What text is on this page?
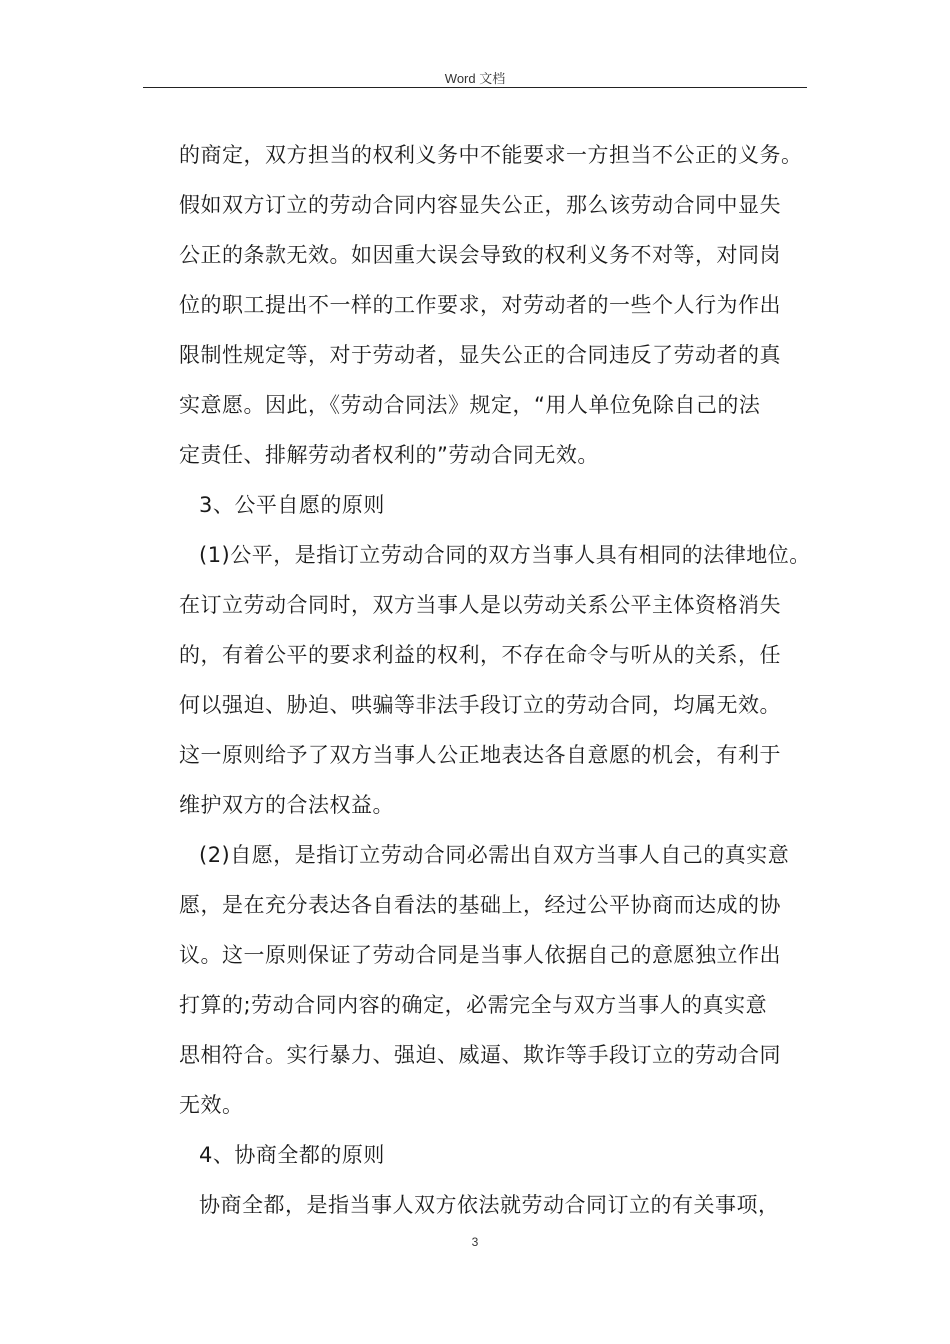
Word 文档
的商定，双方担当的权利义务中不能要求一方担当不公正的义务。
假如双方订立的劳动合同内容显失公正，那么该劳动合同中显失
公正的条款无效。如因重大误会导致的权利义务不对等，对同岗
位的职工提出不一样的工作要求，对劳动者的一些个人行为作出
限制性规定等，对于劳动者，显失公正的合同违反了劳动者的真
实意愿。因此，《劳动合同法》规定，“用人单位免除自己的法
定责任、排解劳动者权利的”劳动合同无效。
3、公平自愿的原则
(1)公平，是指订立劳动合同的双方当事人具有相同的法律地位。
在订立劳动合同时，双方当事人是以劳动关系公平主体资格消失
的，有着公平的要求利益的权利，不存在命令与听从的关系，任
何以强迫、胁迫、哄骗等非法手段订立的劳动合同，均属无效。
这一原则给予了双方当事人公正地表达各自意愿的机会，有利于
维护双方的合法权益。
(2)自愿，是指订立劳动合同必需出自双方当事人自己的真实意
愿，是在充分表达各自看法的基础上，经过公平协商而达成的协
议。这一原则保证了劳动合同是当事人依据自己的意愿独立作出
打算的;劳动合同内容的确定，必需完全与双方当事人的真实意
思相符合。实行暴力、强迫、威逼、欺诈等手段订立的劳动合同
无效。
4、协商全都的原则
协商全都，是指当事人双方依法就劳动合同订立的有关事项，
3
